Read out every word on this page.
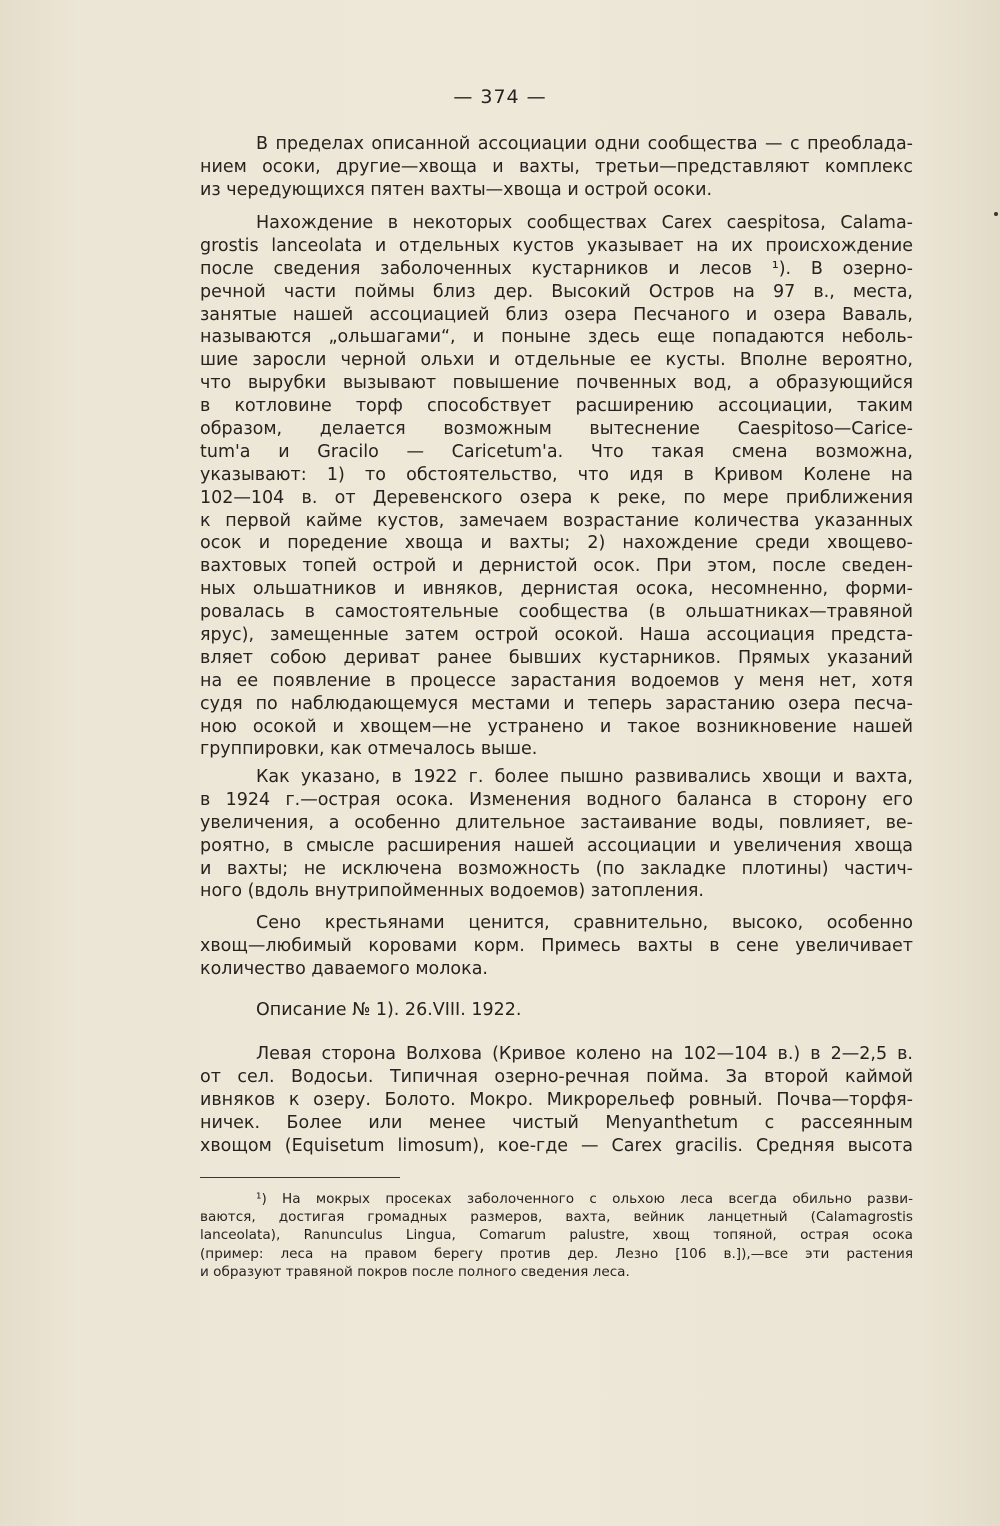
— 374 —
В пределах описанной ассоциации одни сообщества — с преоблада-
нием осоки, другие—хвоща и вахты, третьи—представляют комплекс
из чередующихся пятен вахты—хвоща и острой осоки.
Нахождение в некоторых сообществах Carex caespitosa, Calama-
grostis lanceolata и отдельных кустов указывает на их происхождение
после сведения заболоченных кустарников и лесов ¹). В озерно-
речной части поймы близ дер. Высокий Остров на 97 в., места,
занятые нашей ассоциацией близ озера Песчаного и озера Ваваль,
называются „ольшагами“, и поныне здесь еще попадаются неболь-
шие заросли черной ольхи и отдельные ее кусты. Вполне вероятно,
что вырубки вызывают повышение почвенных вод, а образующийся
в котловине торф способствует расширению ассоциации, таким
образом, делается возможным вытеснение Caespitoso—Carice-
tum'a и Gracilo — Caricetum'a. Что такая смена возможна,
указывают: 1) то обстоятельство, что идя в Кривом Колене на
102—104 в. от Деревенского озера к реке, по мере приближения
к первой кайме кустов, замечаем возрастание количества указанных
осок и поредение хвоща и вахты; 2) нахождение среди хвощево-
вахтовых топей острой и дернистой осок. При этом, после сведен-
ных ольшатников и ивняков, дернистая осока, несомненно, форми-
ровалась в самостоятельные сообщества (в ольшатниках—травяной
ярус), замещенные затем острой осокой. Наша ассоциация предста-
вляет собою дериват ранее бывших кустарников. Прямых указаний
на ее появление в процессе зарастания водоемов у меня нет, хотя
судя по наблюдающемуся местами и теперь зарастанию озера песча-
ною осокой и хвощем—не устранено и такое возникновение нашей
группировки, как отмечалось выше.
Как указано, в 1922 г. более пышно развивались хвощи и вахта,
в 1924 г.—острая осока. Изменения водного баланса в сторону его
увеличения, а особенно длительное застаивание воды, повлияет, ве-
роятно, в смысле расширения нашей ассоциации и увеличения хвоща
и вахты; не исключена возможность (по закладке плотины) частич-
ного (вдоль внутрипойменных водоемов) затопления.
Сено крестьянами ценится, сравнительно, высоко, особенно
хвощ—любимый коровами корм. Примесь вахты в сене увеличивает
количество даваемого молока.
Описание № 1). 26.VIII. 1922.
Левая сторона Волхова (Кривое колено на 102—104 в.) в 2—2,5 в.
от сел. Водосьи. Типичная озерно-речная пойма. За второй каймой
ивняков к озеру. Болото. Мокро. Микрорельеф ровный. Почва—торфя-
ничек. Более или менее чистый Menyanthetum с рассеянным
хвощом (Equisetum limosum), кое-где — Carex gracilis. Средняя высота
¹) На мокрых просеках заболоченного с ольхою леса всегда обильно разви-
ваются, достигая громадных размеров, вахта, вейник ланцетный (Calamagrostis
lanceolata), Ranunculus Lingua, Comarum palustre, хвощ топяной, острая осока
(пример: леса на правом берегу против дер. Лезно [106 в.]),—все эти растения
и образуют травяной покров после полного сведения леса.
